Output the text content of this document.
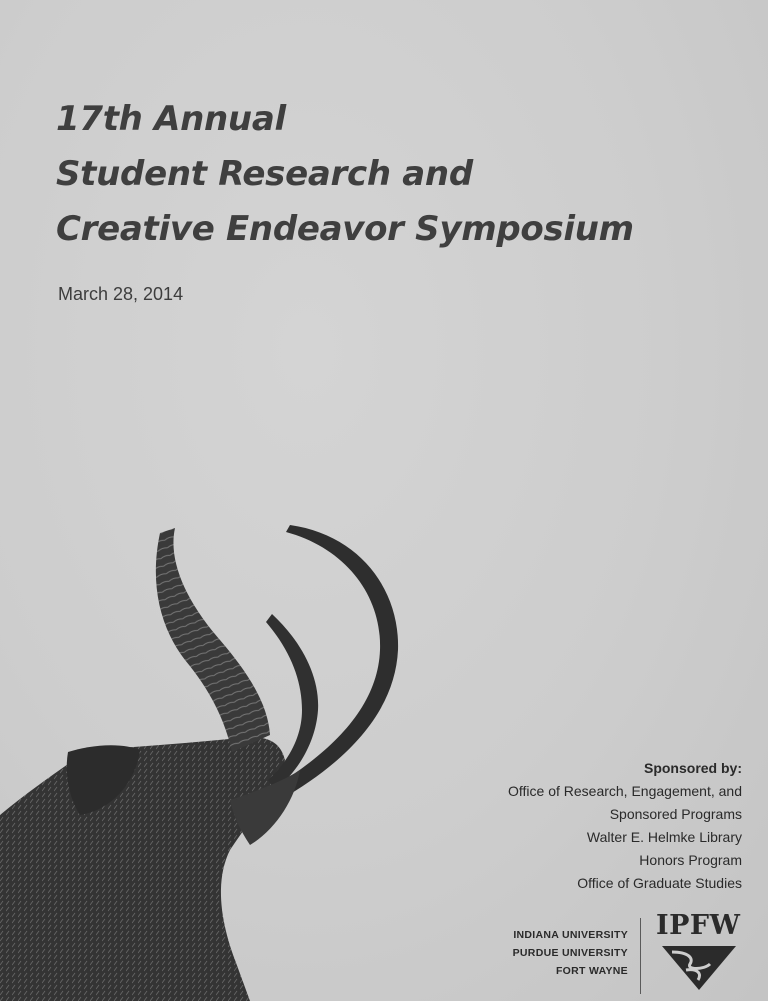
17th Annual
Student Research and
Creative Endeavor Symposium
March 28, 2014
Sponsored by:
Office of Research, Engagement, and
Sponsored Programs
Walter E. Helmke Library
Honors Program
Office of Graduate Studies
INDIANA UNIVERSITY
PURDUE UNIVERSITY
FORT WAYNE
IPFW
